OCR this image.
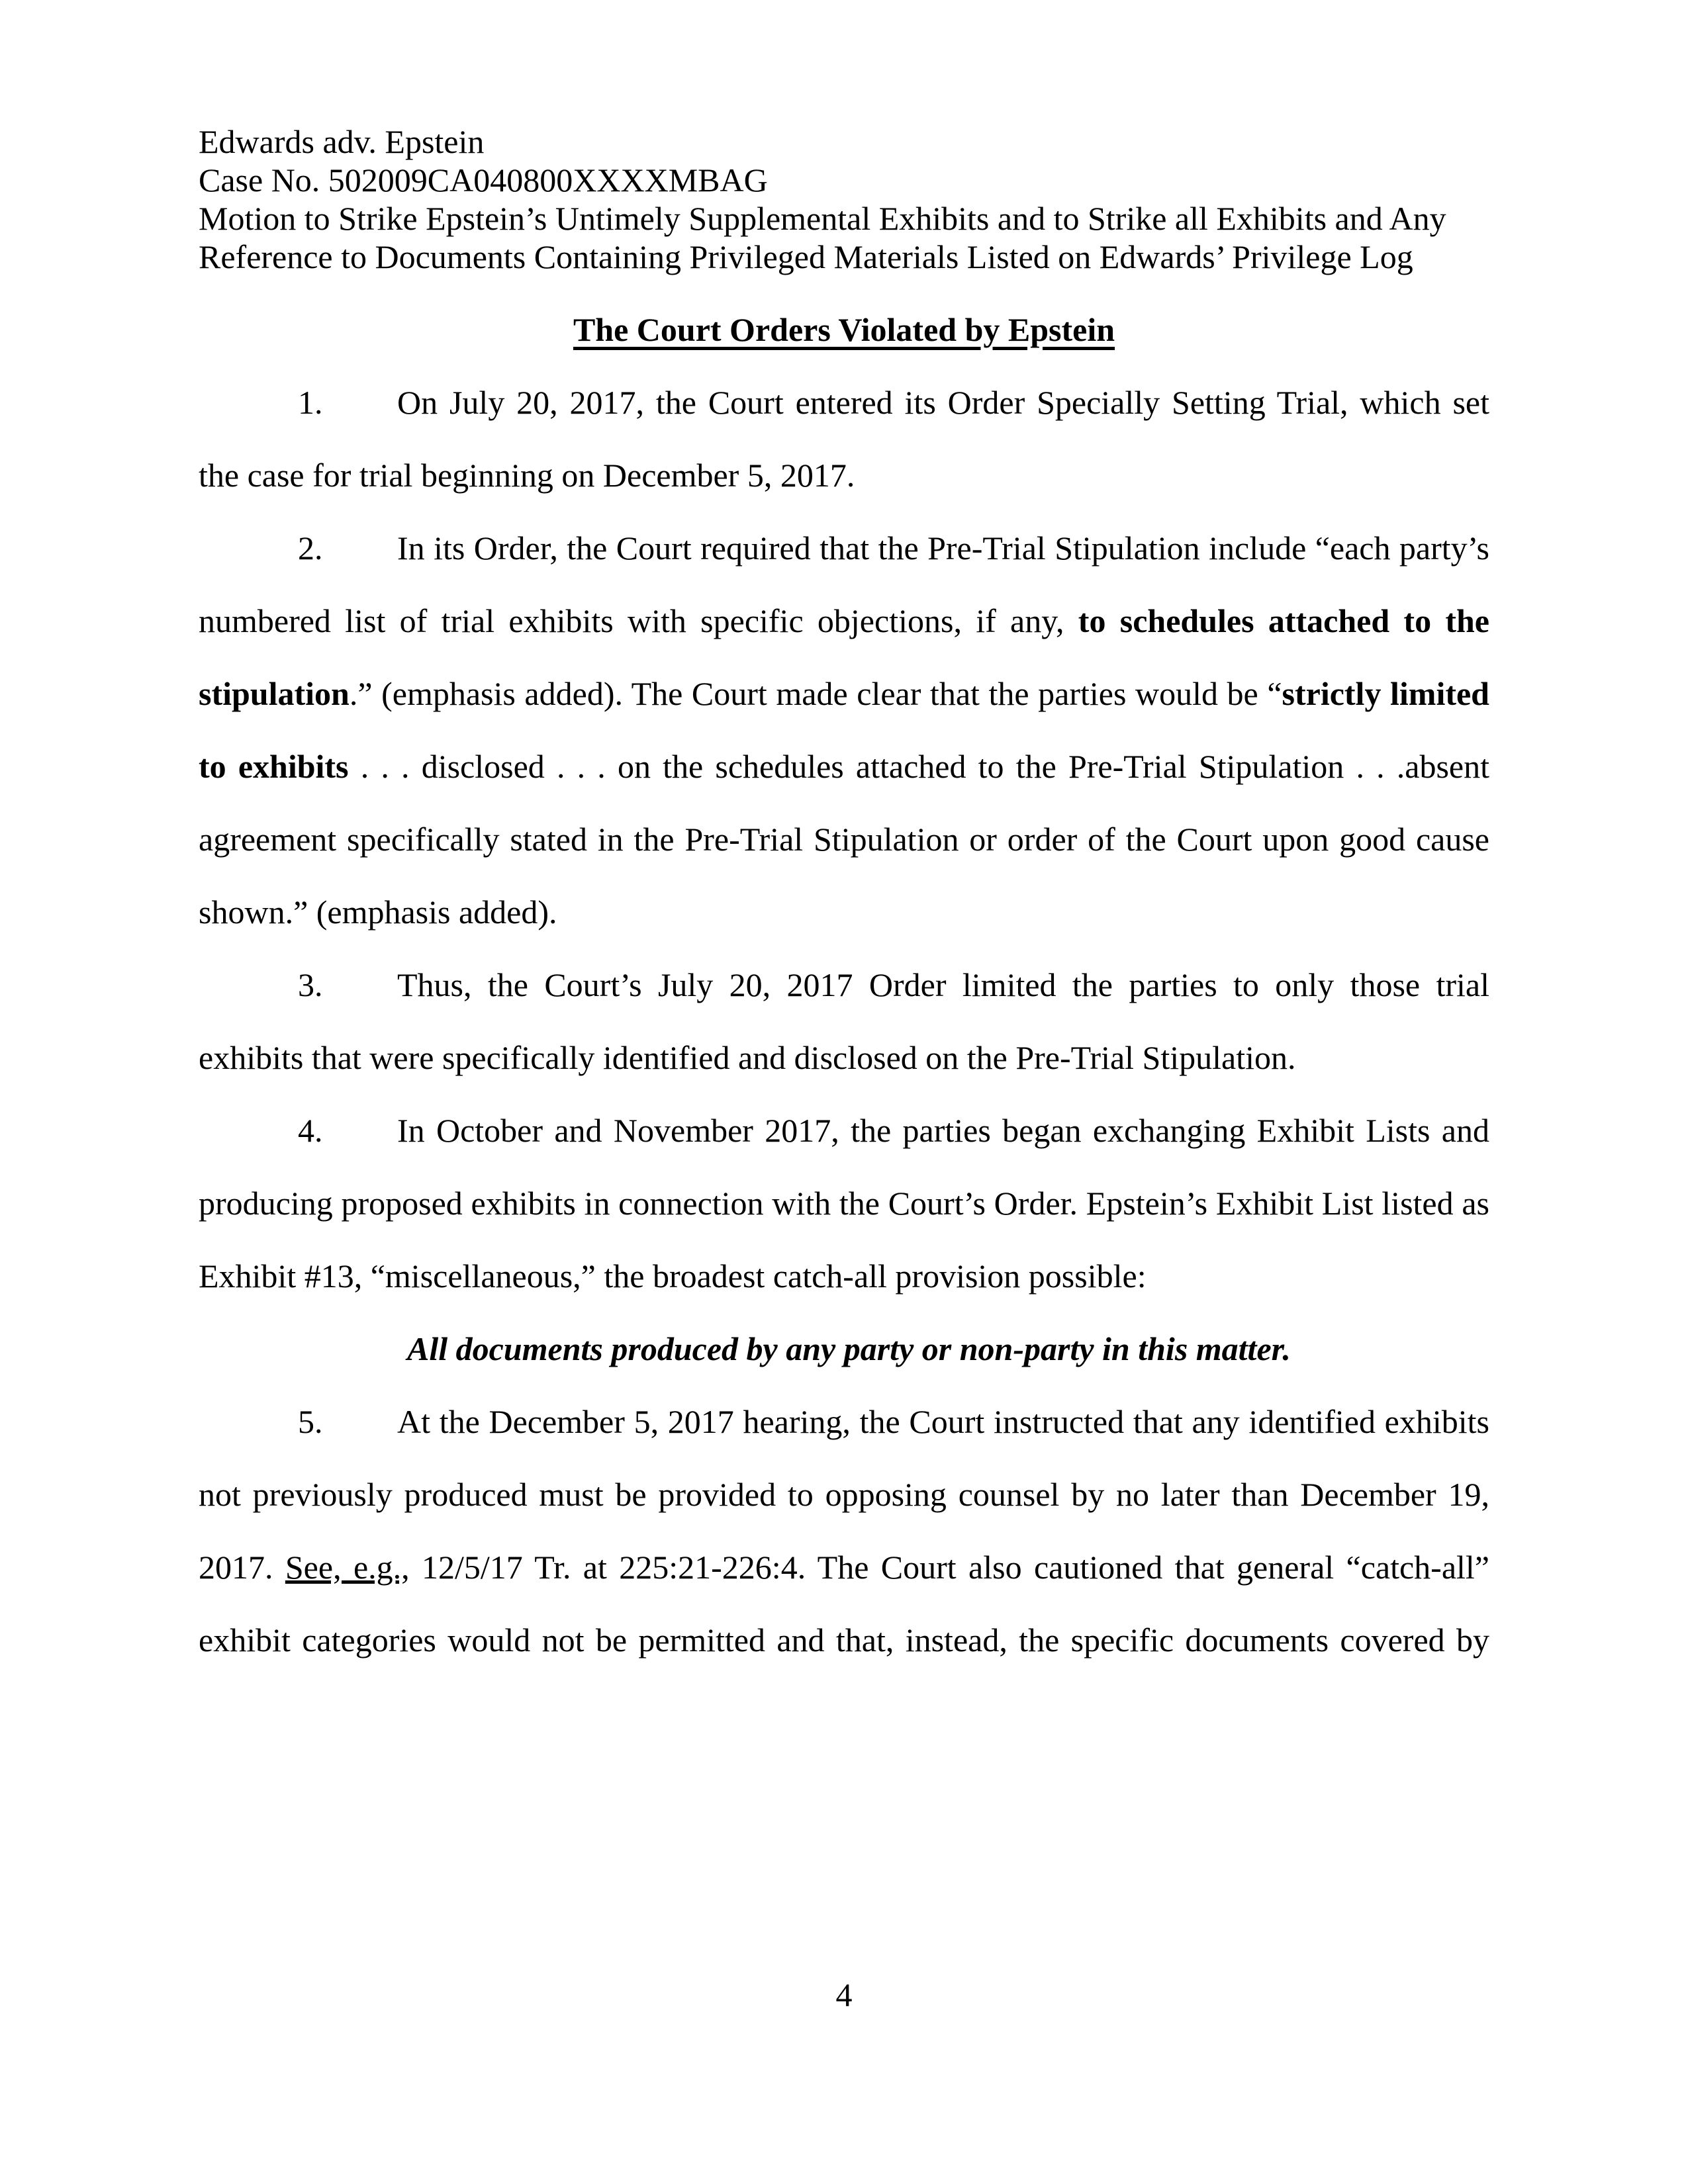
Edwards adv. Epstein
Case No. 502009CA040800XXXXMBAG
Motion to Strike Epstein’s Untimely Supplemental Exhibits and to Strike all Exhibits and Any
Reference to Documents Containing Privileged Materials Listed on Edwards’ Privilege Log
The Court Orders Violated by Epstein

1. On July 20, 2017, the Court entered its Order Specially Setting Trial, which set the case for trial beginning on December 5, 2017.

2. In its Order, the Court required that the Pre-Trial Stipulation include “each party’s numbered list of trial exhibits with specific objections, if any, to schedules attached to the stipulation.” (emphasis added). The Court made clear that the parties would be “strictly limited to exhibits . . . disclosed . . . on the schedules attached to the Pre-Trial Stipulation . . .absent agreement specifically stated in the Pre-Trial Stipulation or order of the Court upon good cause shown.” (emphasis added).

3. Thus, the Court’s July 20, 2017 Order limited the parties to only those trial exhibits that were specifically identified and disclosed on the Pre-Trial Stipulation.

4. In October and November 2017, the parties began exchanging Exhibit Lists and producing proposed exhibits in connection with the Court’s Order. Epstein’s Exhibit List listed as Exhibit #13, “miscellaneous,” the broadest catch-all provision possible:

All documents produced by any party or non-party in this matter.

5. At the December 5, 2017 hearing, the Court instructed that any identified exhibits not previously produced must be provided to opposing counsel by no later than December 19, 2017. See, e.g., 12/5/17 Tr. at 225:21-226:4. The Court also cautioned that general “catch-all” exhibit categories would not be permitted and that, instead, the specific documents covered by

4
